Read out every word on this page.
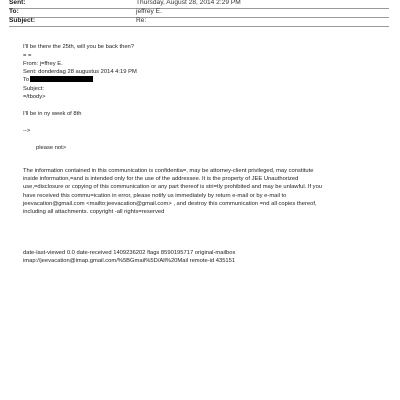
Sent:	Thursday, August 28, 2014 2:29 PM
To:	jeffrey E.
Subject:	Re:
I'll be there the 25th, will you be back then?
= =
From: j=ffrey E.
Sent: donderdag 28 augustus 2014 4:19 PM
To
Subject:
=/tbody>
I'll be in ny week of 8th
-->
please not>
The information contained in this communication is confidentia=, may be attorney-client privileged, may constitute
inside information,=and is intended only for the use of the addressee. It is the property of JEE Unauthorized
use,=disclosure or copying of this communication or any part thereof is stri=tly prohibited and may be unlawful. If you
have received this commu=ication in error, please notify us immediately by return e-mail or by e-mail to
jeevacation@gmail.com <mailto:jeevacation@gmail.com> , and destroy this communication =nd all copies thereof,
including all attachments. copyright -all rights=reserved
date-last-viewed 0.0 date-received 1409236202 flags 8590195717 original-mailbox
imap://jeevacation@imap.gmail.com/%5BGmail%5D/All%20Mail remote-id 435151
